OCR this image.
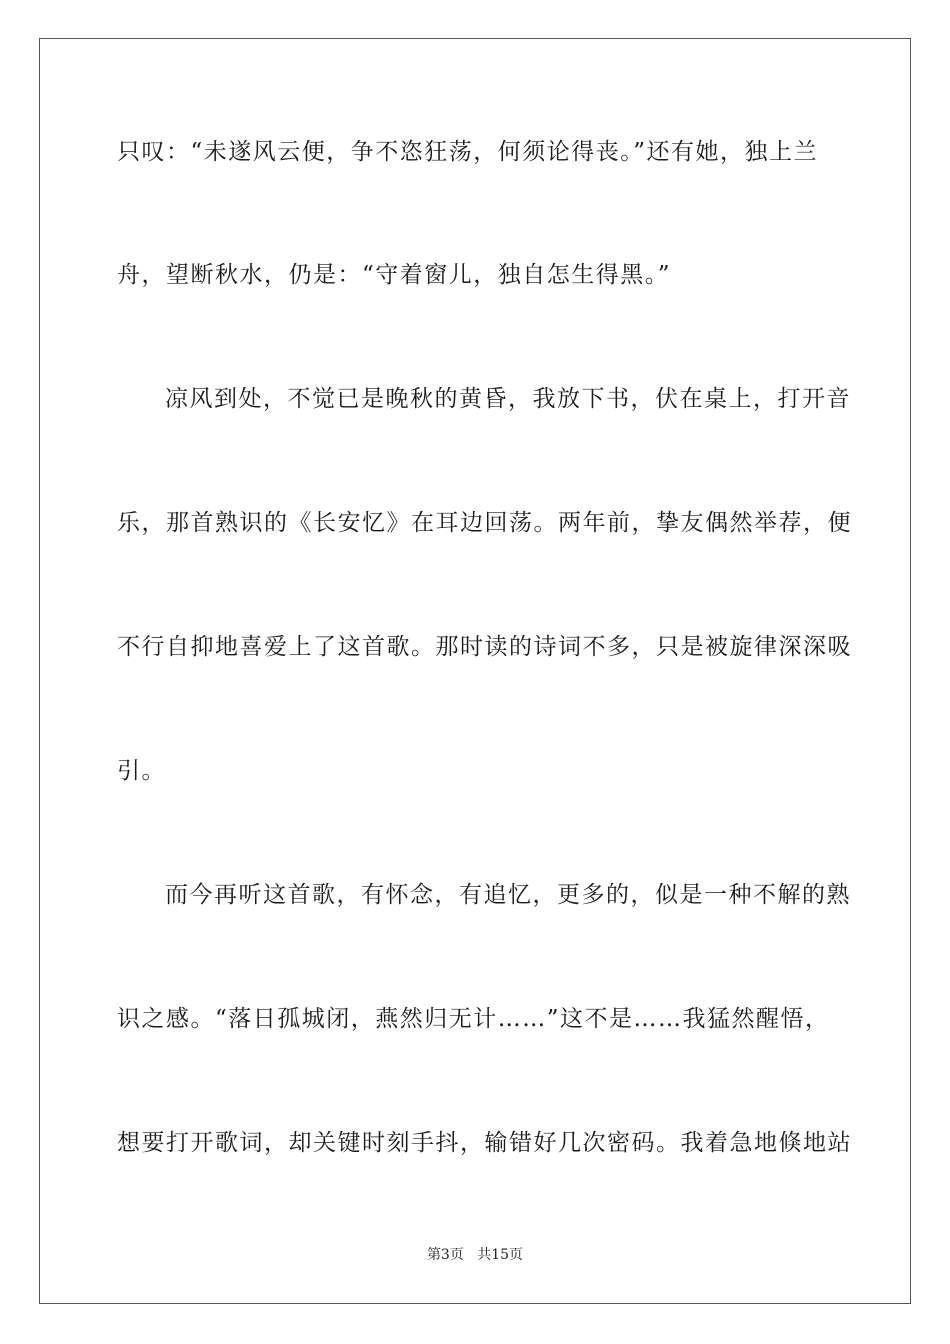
只叹：“未遂风云便，争不恣狂荡，何须论得丧。”还有她，独上兰
舟，望断秋水，仍是：“守着窗儿，独自怎生得黑。”
凉风到处，不觉已是晚秋的黄昏，我放下书，伏在桌上，打开音
乐，那首熟识的《长安忆》在耳边回荡。两年前，挚友偶然举荐，便
不行自抑地喜爱上了这首歌。那时读的诗词不多，只是被旋律深深吸
引。
而今再听这首歌，有怀念，有追忆，更多的，似是一种不解的熟
识之感。“落日孤城闭，燕然归无计……”这不是……我猛然醒悟，
想要打开歌词，却关键时刻手抖，输错好几次密码。我着急地倏地站
第3页 共15页
